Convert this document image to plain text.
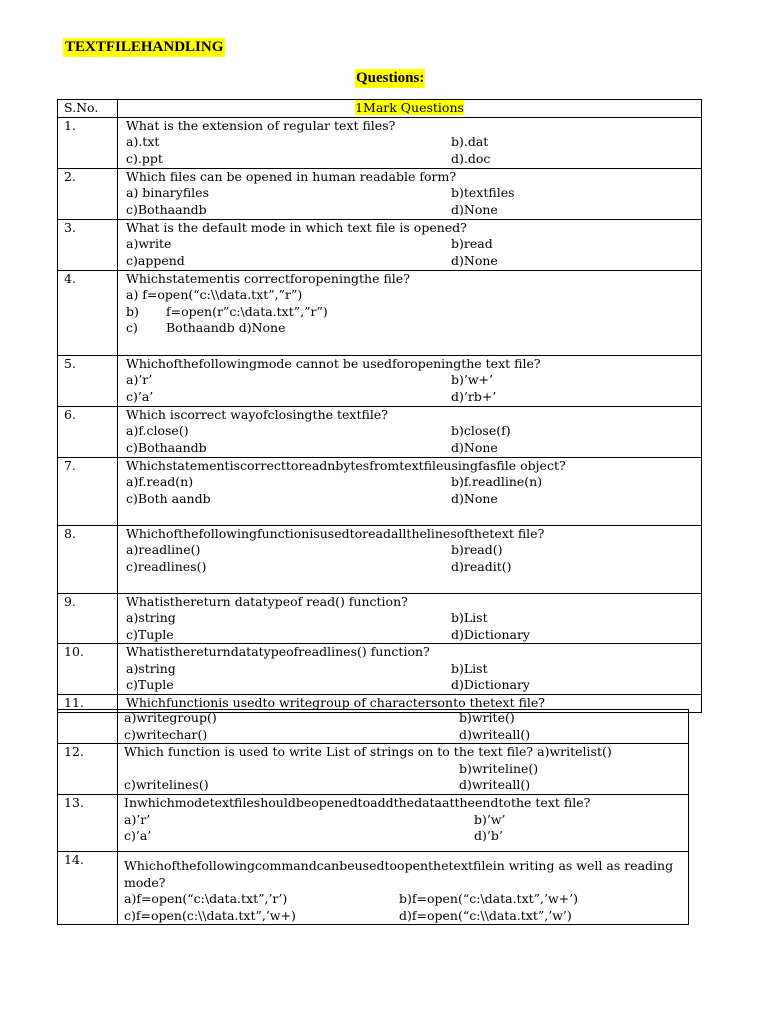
TEXTFILEHANDLING
Questions:
S.No.	1Mark Questions
1.	What is the extension of regular text files?
a).txt b).dat
c).ppt d).doc

2.	Which files can be opened in human readable form?
a) binaryfiles b)textfiles
c)Bothaandb d)None

3.	What is the default mode in which text file is opened?
a)write b)read
c)append d)None

4.	Whichstatementis correctforopeningthe file?
a) f=open(“c:\\data.txt”,”r”)
b) f=open(r”c:\data.txt”,”r”)
c) Bothaandb d)None

5.	Whichofthefollowingmode cannot be usedforopeningthe text file?
a)’r’ b)’w+’
c)’a’ d)’rb+’

6.	Which iscorrect wayofclosingthe textfile?
a)f.close() b)close(f)
c)Bothaandb d)None

7.	Whichstatementiscorrecttoreadnbytesfromtextfileusingfasfile object?
a)f.read(n) b)f.readline(n)
c)Both aandb d)None

8.	Whichofthefollowingfunctionisusedtoreadallthelinesofthetext file?
a)readline() b)read()
c)readlines() d)readit()

9.	Whatisthereturn datatypeof read() function?
a)string b)List
c)Tuple d)Dictionary

10.	Whatisthereturndatatypeofreadlines() function?
a)string b)List
c)Tuple d)Dictionary

11.	Whichfunctionis usedto writegroup of charactersonto thetext file?

	a)writegroup() b)write()
c)writechar() d)writeall()

12.	Which function is used to write List of strings on to the text file? a)writelist()
b)writeline()
c)writelines() d)writeall()

13.	Inwhichmodetextfileshouldbeopenedtoaddthedataattheendtothe text file?
a)’r’ b)’w’
c)’a’ d)’b’

14.	Whichofthefollowingcommandcanbeusedtoopenthetextfilein writing as well as reading mode?
a)f=open(“c:\data.txt”,’r’) b)f=open(“c:\data.txt”,’w+’)
c)f=open(c:\\data.txt”,’w+) d)f=open(“c:\\data.txt”,’w’)
